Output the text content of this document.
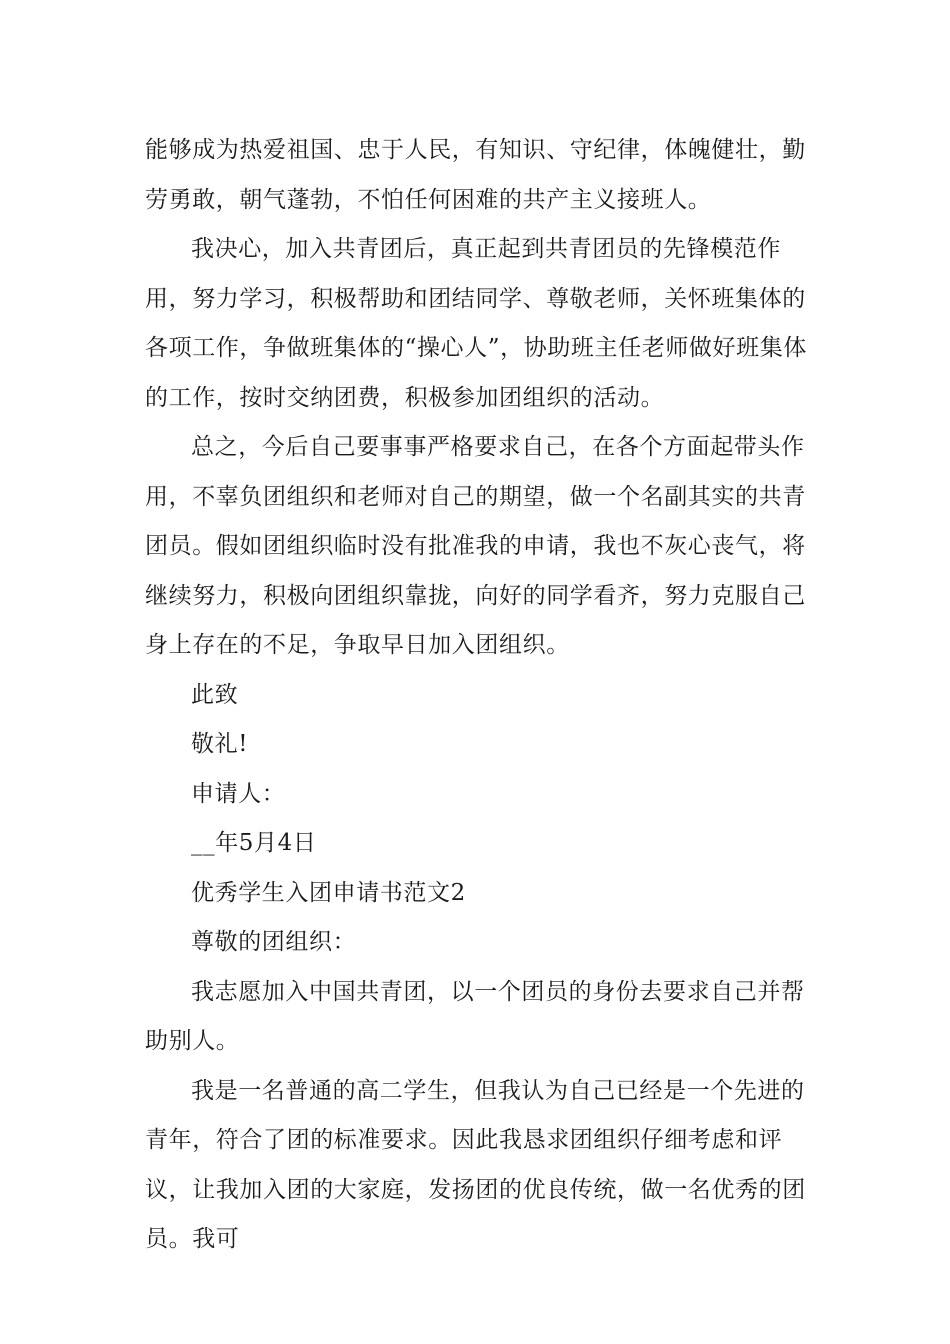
能够成为热爱祖国、忠于人民，有知识、守纪律，体魄健壮，勤劳勇敢，朝气蓬勃，不怕任何困难的共产主义接班人。

我决心，加入共青团后，真正起到共青团员的先锋模范作用，努力学习，积极帮助和团结同学、尊敬老师，关怀班集体的各项工作，争做班集体的“操心人”，协助班主任老师做好班集体的工作，按时交纳团费，积极参加团组织的活动。

总之，今后自己要事事严格要求自己，在各个方面起带头作用，不辜负团组织和老师对自己的期望，做一个名副其实的共青团员。假如团组织临时没有批准我的申请，我也不灰心丧气，将继续努力，积极向团组织靠拢，向好的同学看齐，努力克服自己身上存在的不足，争取早日加入团组织。

此致

敬礼!

申请人：

__年5月4日

优秀学生入团申请书范文2

尊敬的团组织：

我志愿加入中国共青团，以一个团员的身份去要求自己并帮助别人。

我是一名普通的高二学生，但我认为自己已经是一个先进的青年，符合了团的标准要求。因此我恳求团组织仔细考虑和评议，让我加入团的大家庭，发扬团的优良传统，做一名优秀的团员。我可
